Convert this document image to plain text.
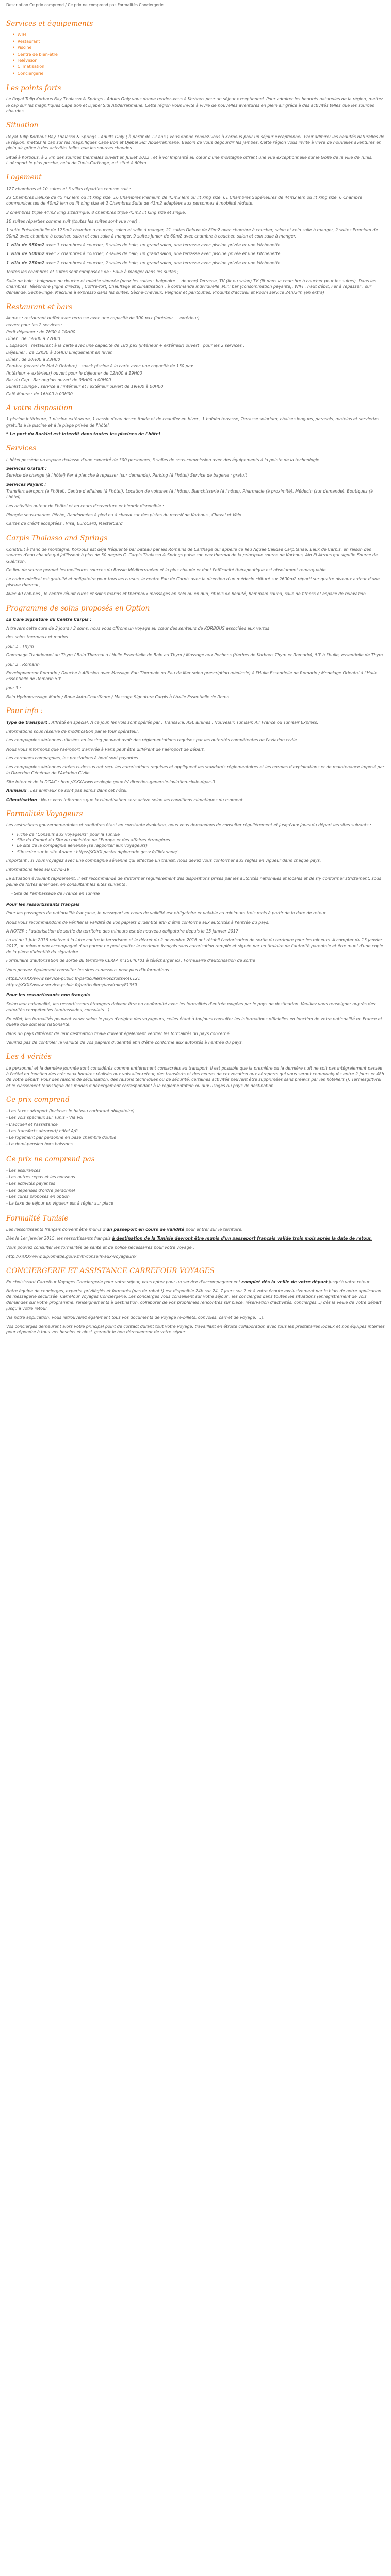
Description Ce prix comprend / Ce prix ne comprend pas Formalités Conciergerie

Services et équipements
• WIFI
• Restaurant
• Piscine
• Centre de bien-être
• Télévision
• Climatisation
• Conciergerie
Les points forts

Le Royal Tulip Korbous Bay Thalasso & Springs - Adults Only vous donne rendez-vous à Korbous pour un séjour exceptionnel. Pour admirer les beautés naturelles de la région, mettez le cap sur les magnifiques Cape Bon et Djebel Sidi Abderrahmane. Cette région vous invite à vivre de nouvelles aventures en plein air grâce à des activités telles que les sources chaudes.

Situation

Royal Tulip Korbous Bay Thalasso & Springs - Adults Only ( à partir de 12 ans ) vous donne rendez-vous à Korbous pour un séjour exceptionnel. Pour admirer les beautés naturelles de la région, mettez le cap sur les magnifiques Cape Bon et Djebel Sidi Abderrahmane. Besoin de vous dégourdir les jambes, Cette région vous invite à vivre de nouvelles aventures en plein air grâce à des activités telles que les sources chaudes..

Situé à Korbous, à 2 km des sources thermales ouvert en Juillet 2022 , et à vol Implanté au cœur d'une montagne offrant une vue exceptionnelle sur le Golfe de la ville de Tunis. L'aéroport le plus proche, celui de Tunis-Carthage, est situé à 60km.

Logement

127 chambres et 10 suites et 3 villas réparties comme suit :

23 Chambres Deluxe de 45 m2 lem ou lit king size, 16 Chambres Premium de 45m2 lem ou lit king size, 61 Chambres Supérieures de 44m2 lem ou lit king size, 6 Chambre communicantes de 40m2 lem ou lit king size et 2 Chambres Suite de 43m2 adaptées aux personnes à mobilité réduite.

3 chambres triple 44m2 king size/single, 8 chambres triple 45m2 lit king size et single,

10 suites réparties comme suit (toutes les suites sont vue mer) :

1 suite Présidentielle de 175m2 chambre à coucher, salon et salle à manger, 21 suites Deluxe de 80m2 avec chambre à coucher, salon et coin salle à manger, 2 suites Premium de 90m2 avec chambre à coucher, salon et coin salle à manger, 9 suites Junior de 60m2 avec chambre à coucher, salon et coin salle à manger.

1 villa de 950m2 avec 3 chambres à coucher, 3 salles de bain, un grand salon, une terrasse avec piscine privée et une kitchenette.

1 villa de 500m2 avec 2 chambres à coucher, 2 salles de bain, un grand salon, une terrasse avec piscine privée et une kitchenette.

1 villa de 250m2 avec 2 chambres à coucher, 2 salles de bain, un grand salon, une terrasse avec piscine privée et une kitchenette.

Toutes les chambres et suites sont composées de : Salle à manger dans les suites ;

Salle de bain : baignoire ou douche et toilette séparée (pour les suites : baignoire + douche) Terrasse, TV (lit ou salon) TV (lit dans la chambre à coucher pour les suites). Dans les chambres: Téléphone (ligne directe) , Coffre-fort, Chauffage et climatisation : à commande individuelle ,Mini bar (consommation payante), WIFI : haut débit, Fer à repasser : sur demande, Sèche-linge, Machine à expresso dans les suites, Sèche-cheveux, Peignoir et pantoufles, Produits d'accueil et Room service 24h/24h (en extra)

Restaurant et bars

Anmes : restaurant buffet avec terrasse avec une capacité de 300 pax (intérieur + extérieur)

ouvert pour les 2 services :

Petit déjeuner : de 7H00 à 10H00

Dîner : de 19H00 à 22H00

L'Espadon : restaurant à la carte avec une capacité de 180 pax (intérieur + extérieur) ouvert : pour les 2 services :

Déjeuner : de 12h30 à 16H00 uniquement en hiver,

Dîner : de 20H00 à 23H00

Zembra (ouvert de Mai à Octobre) : snack piscine à la carte avec une capacité de 150 pax

(intérieur + extérieur) ouvert pour le déjeuner de 12H00 à 19H00

Bar du Cap : Bar anglais ouvert de 08H00 à 00H00

Sunlist Lounge : service à l'intérieur et l'extérieur ouvert de 19H00 à 00H00

Café Maure : de 16H00 à 00H00

A votre disposition

1 piscine intérieure, 1 piscine extérieure, 1 bassin d'eau douce froide et de chauffer en hiver , 1 balnéo terrasse, Terrasse solarium, chaises longues, parasols, matelas et serviettes gratuits à la piscine et à la plage privée de l'hôtel.

* Le port du Burkini est interdit dans toutes les piscines de l'hôtel

Services

L'hôtel possède un espace thalasso d'une capacité de 300 personnes, 3 salles de sous-commission avec des équipements à la pointe de la technologie.

Services Gratuit :

Service de change (à l'hôtel) Fer à planche à repasser (sur demande), Parking (à l'hôtel) Service de bagerie : gratuit

Services Payant :

Transfert aéroport (à l'hôtel), Centre d'affaires (à l'hôtel), Location de voitures (à l'hôtel), Blanchisserie (à l'hôtel), Pharmacie (à proximité), Médecin (sur demande), Boutiques (à l'hôtel).

Les activités autour de l'hôtel et en cours d'ouverture et bientôt disponible :

Plongée sous-marine, Pêche, Randonnées à pied ou à cheval sur des pistes du massif de Korbous , Cheval et Vélo

Cartes de crédit acceptées : Visa, EuroCard, MasterCard

Carpis Thalasso and Springs

Construit à flanc de montagne, Korbous est déjà fréquenté par bateau par les Romains de Carthage qui appelle ce lieu Aquae Calidae Carpitanae, Eaux de Carpis, en raison des sources d'eau chaude qui jaillissent à plus de 50 degrés C. Carpis Thalasso & Springs puise son eau thermal de la principale source de Korbous, Ain El Atrous qui signifie Source de Guérison.

Ce lieu de source permet les meilleures sources du Bassin Méditerranéen et la plus chaude et dont l'efficacité thérapeutique est absolument remarquable.

Le cadre médical est gratuité et obligatoire pour tous les cursus, le centre Eau de Carpis avec la direction d'un médecin clôturé sur 2600m2 réparti sur quatre niveaux autour d'une piscine thermal ,

Avec 40 cabines , le centre réunit cures et soins marins et thermaux massages en solo ou en duo, rituels de beauté, hammam sauna, salle de fitness et espace de relaxation

Programme de soins proposés en Option

La Cure Signature du Centre Carpis :

A travers cette cure de 3 jours / 3 soins, nous vous offrons un voyage au cœur des senteurs de KORBOUS associées aux vertus

des soins thermaux et marins

Jour 1 : Thym

Gommage Traditionnel au Thym / Bain Thermal à l'Huile Essentielle de Bain au Thym / Massage aux Pochons (Herbes de Korbous Thym et Romarin), 50' à l'huile, essentielle de Thym

Jour 2 : Romarin

Enveloppement Romarin / Douche à Affusion avec Massage Eau Thermale ou Eau de Mer selon prescription médicale) à l'Huile Essentielle de Romarin / Modelage Oriental à l'Huile Essentielle de Romarin 50'

Jour 3 :

Bain Hydromassage Marin / Roue Auto-Chauffante / Massage Signature Carpis à l'Huile Essentielle de Roma

Pour info :

Type de transport : Affrété en spécial. À ce jour, les vols sont opérés par : Transavia, ASL airlines , Nouvelair, Tunisair, Air France ou Tunisair Express.

Informations sous réserve de modification par le tour opérateur.

Les compagnies aériennes utilisées en leasing peuvent avoir des réglementations requises par les autorités compétentes de l'aviation civile.

Nous vous informons que l'aéroport d'arrivée à Paris peut être différent de l'aéroport de départ.

Les certaines compagnies, les prestations à bord sont payantes.

Les compagnies aériennes citées ci-dessus ont reçu les autorisations requises et appliquent les standards réglementaires et les normes d'exploitations et de maintenance imposé par la Direction Générale de l'Aviation Civile.

Site internet de la DGAC : http://XXX/www.ecologie.gouv.fr/ direction-generale-laviation-civile-dgac-0

Animaux : Les animaux ne sont pas admis dans cet hôtel.

Climatisation : Nous vous informons que la climatisation sera active selon les conditions climatiques du moment.

Formalités Voyageurs

Les restrictions gouvernementales et sanitaires étant en constante évolution, nous vous demandons de consulter régulièrement et jusqu'aux jours du départ les sites suivants :

• Fiche de "Conseils aux voyageurs" pour la Tunisie
• Site du Comité du Site du ministère de l'Europe et des affaires étrangères
• Le site de la compagnie aérienne (se rapporter aux voyageurs)
• S'inscrire sur le site Ariane : https://XXXX.pastel.diplomatie.gouv.fr/fildariane/

Important : si vous voyagez avec une compagnie aérienne qui effectue un transit, nous devez vous conformer aux règles en vigueur dans chaque pays.

Informations liées au Covid-19 :

La situation évoluant rapidement, il est recommandé de s'informer régulièrement des dispositions prises par les autorités nationales et locales et de s'y conformer strictement, sous peine de fortes amendes, en consultant les sites suivants :

- Site de l'ambassade de France en Tunisie

Pour les ressortissants français

Pour les passagers de nationalité française, le passeport en cours de validité est obligatoire et valable au minimum trois mois à partir de la date de retour.

Nous vous recommandons de vérifier la validité de vos papiers d'identité afin d'être conforme aux autorités à l'entrée du pays.

A NOTER : l'autorisation de sortie du territoire des mineurs est de nouveau obligatoire depuis le 15 janvier 2017

La loi du 3 juin 2016 relative à la lutte contre le terrorisme et le décret du 2 novembre 2016 ont rétabli l'autorisation de sortie du territoire pour les mineurs. A compter du 15 janvier 2017, un mineur non accompagné d'un parent ne peut quitter le territoire français sans autorisation remplie et signée par un titulaire de l'autorité parentale et être muni d'une copie de la pièce d'identité du signataire.

Formulaire d'autorisation de sortie du territoire CERFA n°15646*01 à télécharger ici : Formulaire d'autorisation de sortie

Vous pouvez également consulter les sites ci-dessous pour plus d'informations :

https://XXXX/www.service-public.fr/particuliers/vosdroits/R46121

https://XXXX/www.service-public.fr/particuliers/vosdroits/F1359

Pour les ressortissants non français

Selon leur nationalité, les ressortissants étrangers doivent être en conformité avec les formalités d'entrée exigées par le pays de destination. Veuillez vous renseigner auprès des autorités compétentes (ambassades, consulats...).

En effet, les formalités peuvent varier selon le pays d'origine des voyageurs, celles étant à toujours consulter les informations officielles en fonction de votre nationalité en France et quelle que soit leur nationalité.

dans un pays différent de leur destination finale doivent également vérifier les formalités du pays concerné.

Veuillez pas de contrôler la validité de vos papiers d'identité afin d'être conforme aux autorités à l'entrée du pays.

Les 4 vérités

Le personnel et la dernière journée sont considérés comme entièrement consacrées au transport. Il est possible que la première ou la dernière nuit ne soit pas intégralement passée à l'hôtel en fonction des créneaux horaires réalisés aux vols aller-retour, des transferts et des heures de convocation aux aéroports qui vous seront communiqués entre 2 jours et 48h de votre départ. Pour des raisons de sécurisation, des raisons techniques ou de sécurité, certaines activités peuvent être supprimées sans préavis par les hôteliers (). Termesgiftvrel et le classement touristique des modes d'hébergement correspondant à la réglementation ou aux usages du pays de destination.

Ce prix comprend
- Les taxes aéroport (incluses le bateau carburant obligatoire)
- Les vols spéciaux sur Tunis - Via Vol
- L'accueil et l'assistance
- Les transferts aéroport/ hôtel A/R
- Le logement par personne en base chambre double
- Le demi-pension hors boissons
Ce prix ne comprend pas
- Les assurances
- Les autres repas et les boissons
- Les activités payantes
- Les dépenses d'ordre personnel
- Les cures proposés en option
- La taxe de séjour en vigueur est à régler sur place
Formalité Tunisie

Les ressortissants français doivent être munis d'un passeport en cours de validité pour entrer sur le territoire.

Dès le 1er janvier 2015, les ressortissants français à destination de la Tunisie devront être munis d'un passeport français valide trois mois après la date de retour.

Vous pouvez consulter les formalités de santé et de police nécessaires pour votre voyage :

http://XXXX/www.diplomatie.gouv.fr/fr/conseils-aux-voyageurs/

CONCIERGERIE ET ASSISTANCE CARREFOUR VOYAGES

En choisissant Carrefour Voyages Conciergerie pour votre séjour, vous optez pour un service d'accompagnement complet dès la veille de votre départ jusqu'à votre retour.

Notre équipe de concierges, experts, privilégiés et formatés (pas de robot !) est disponible 24h sur 24, 7 jours sur 7 et à votre écoute exclusivement par la biais de notre application de messagerie sécurisée. Carrefour Voyages Conciergerie. Les concierges vous conseillent sur votre séjour : les concierges dans toutes les situations (enregistrement de vols, demandes sur votre programme, renseignements à destination, collaborer de vos problèmes rencontrés sur place, réservation d'activités, concierges...) dès la veille de votre départ jusqu'à votre retour.

Via notre application, vous retrouverez également tous vos documents de voyage (e-billets, convoles, carnet de voyage, ...).

Vos concierges demeurent alors votre principal point de contact durant tout votre voyage, travaillant en étroite collaboration avec tous les prestataires locaux et nos équipes internes pour répondre à tous vos besoins et ainsi, garantir le bon déroulement de votre séjour.
